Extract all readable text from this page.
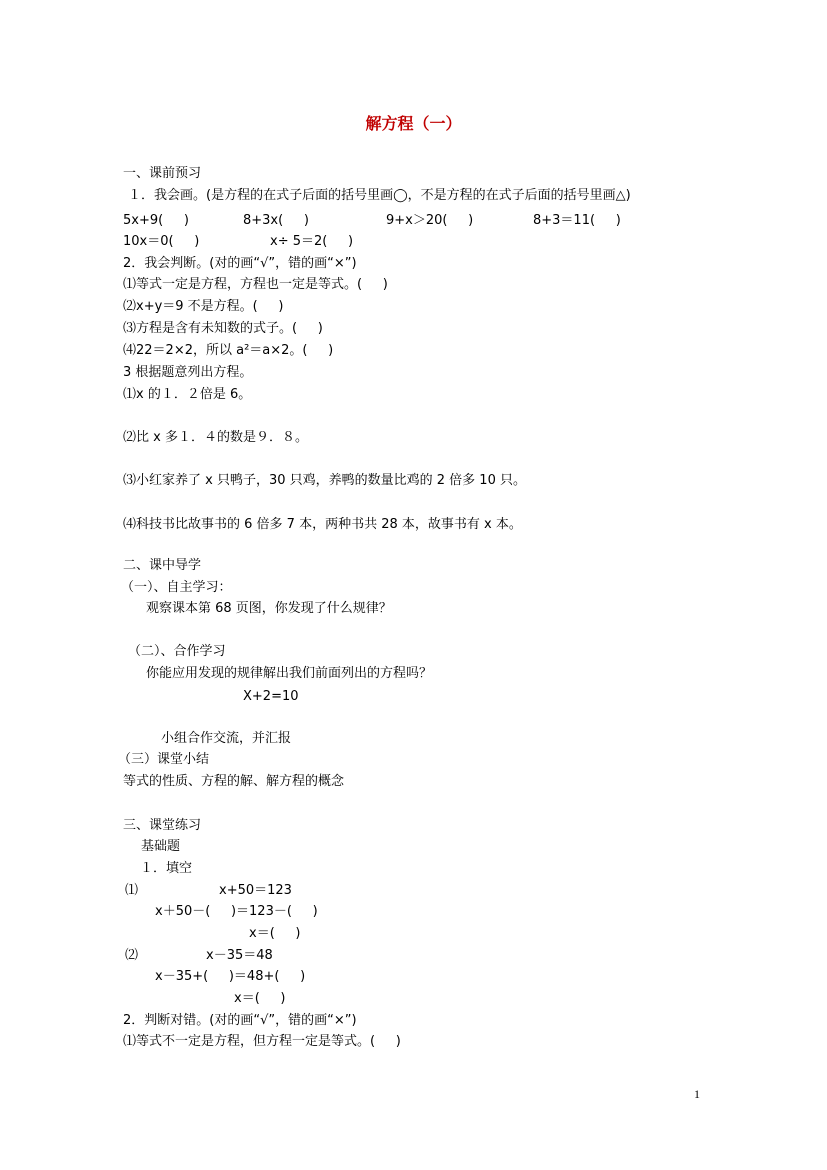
解方程（一）
一、课前预习
１．我会画。(是方程的在式子后面的括号里画◯，不是方程的在式子后面的括号里画△)
5x+9(     )	8+3x(     )	9+x＞20(     )	8+3＝11(     )
10x＝0(     )	x÷ 5＝2(     )
2．我会判断。(对的画“√”，错的画“×”)
⑴等式一定是方程，方程也一定是等式。(     )
⑵x+y＝9 不是方程。(     )
⑶方程是含有未知数的式子。(     )
⑷22＝2×2，所以 a²＝a×2。(     )
3 根据题意列出方程。
⑴x 的１．２倍是 6。
⑵比 x 多１．４的数是９．８。
⑶小红家养了 x 只鸭子，30 只鸡，养鸭的数量比鸡的 2 倍多 10 只。
⑷科技书比故事书的 6 倍多 7 本，两种书共 28 本，故事书有 x 本。
二、课中导学
（一）、自主学习：
观察课本第 68 页图，你发现了什么规律？
（二）、合作学习
你能应用发现的规律解出我们前面列出的方程吗？
X+2=10
小组合作交流，并汇报
（三）课堂小结
等式的性质、方程的解、解方程的概念
三、课堂练习
基础题
１．填空
⑴	x+50＝123
x＋50－(     )＝123－(     )
x＝(     )
⑵	x－35＝48
x－35+(     )＝48+(     )
x＝(     )
2．判断对错。(对的画“√”，错的画“×”)
⑴等式不一定是方程，但方程一定是等式。(     )
1
